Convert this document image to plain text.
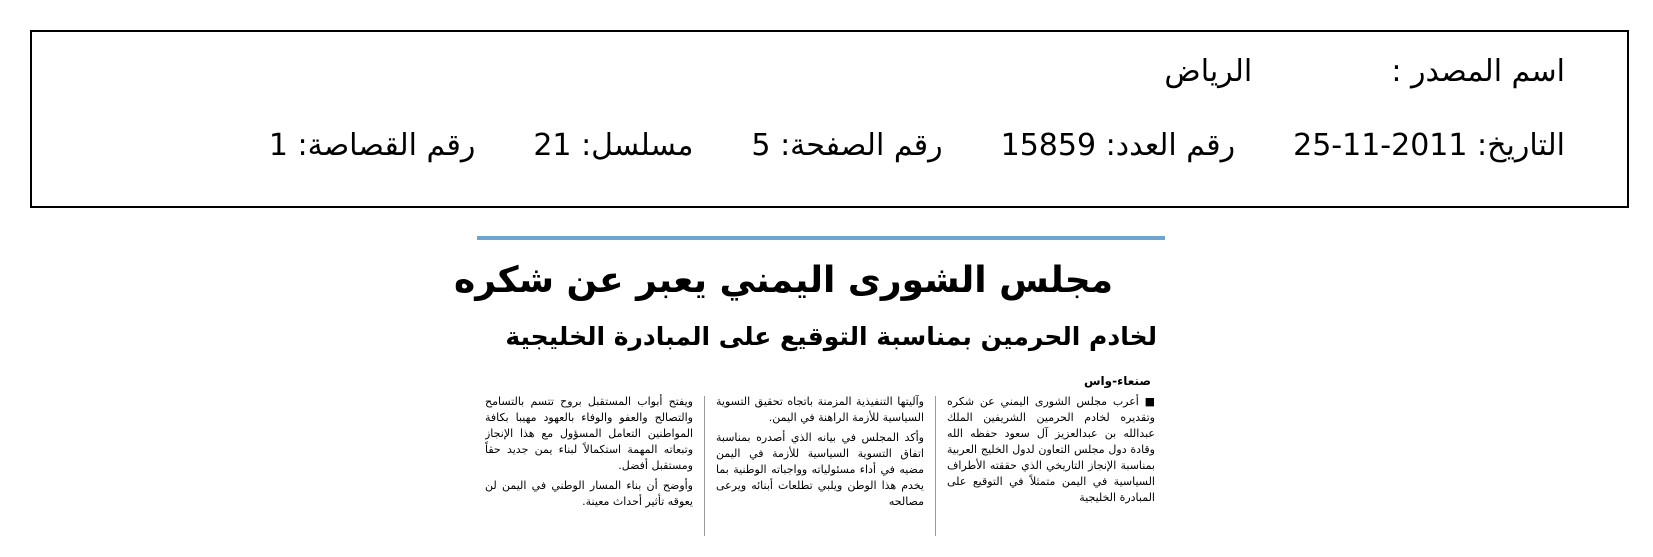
اسم المصدر :  الرياض
التاريخ: 25-11-2011رقم العدد: 15859رقم الصفحة: 5مسلسل: 21رقم القصاصة: 1
مجلس الشورى اليمني يعبر عن شكره
لخادم الحرمين بمناسبة التوقيع على المبادرة الخليجية
صنعاء-واس

■ أعرب مجلس الشورى اليمني عن شكره وتقديره لخادم الحرمين الشريفين الملك عبدالله بن عبدالعزيز آل سعود حفظه الله وقادة دول مجلس التعاون لدول الخليج العربية بمناسبة الإنجاز التاريخي الذي حققته الأطراف السياسية في اليمن متمثلاً في التوقيع على المبادرة الخليجية

وآليتها التنفيذية المزمنة باتجاه تحقيق التسوية السياسية للأزمة الراهنة في اليمن.

وأكد المجلس في بيانه الذي أصدره بمناسبة اتفاق التسوية السياسية للأزمة في اليمن مضيه في أداء مسئولياته وواجباته الوطنية بما يخدم هذا الوطن ويلبي تطلعات أبنائه ويرعى مصالحه

ويفتح أبواب المستقبل بروح تتسم بالتسامح والتصالح والعفو والوفاء بالعهود مهيبا بكافة المواطنين التعامل المسؤول مع هذا الإنجاز وتبعاته المهمة استكمالاً لبناء يمن جديد حقاً ومستقبل أفضل.

وأوضح أن بناء المسار الوطني في اليمن لن يعوقه تأثير أحداث معينة.
